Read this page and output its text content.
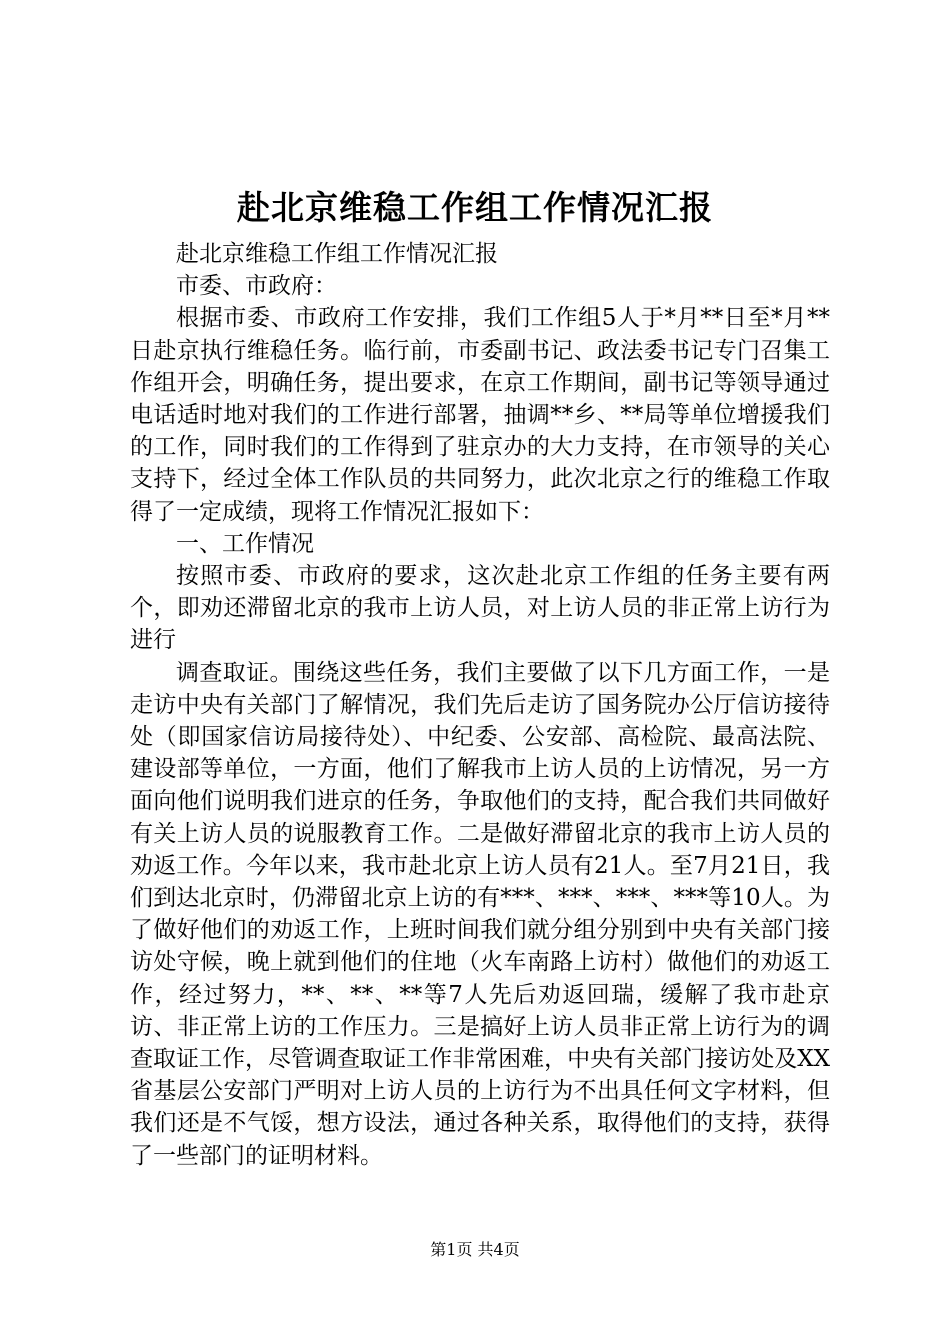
赴北京维稳工作组工作情况汇报

赴北京维稳工作组工作情况汇报

市委、市政府：

根据市委、市政府工作安排，我们工作组5人于*月**日至*月**日赴京执行维稳任务。临行前，市委副书记、政法委书记专门召集工作组开会，明确任务，提出要求，在京工作期间，副书记等领导通过电话适时地对我们的工作进行部署，抽调**乡、**局等单位增援我们的工作，同时我们的工作得到了驻京办的大力支持，在市领导的关心支持下，经过全体工作队员的共同努力，此次北京之行的维稳工作取得了一定成绩，现将工作情况汇报如下：

一、工作情况

按照市委、市政府的要求，这次赴北京工作组的任务主要有两个，即劝还滞留北京的我市上访人员，对上访人员的非正常上访行为进行

调查取证。围绕这些任务，我们主要做了以下几方面工作，一是走访中央有关部门了解情况，我们先后走访了国务院办公厅信访接待处（即国家信访局接待处）、中纪委、公安部、高检院、最高法院、建设部等单位，一方面，他们了解我市上访人员的上访情况，另一方面向他们说明我们进京的任务，争取他们的支持，配合我们共同做好有关上访人员的说服教育工作。二是做好滞留北京的我市上访人员的劝返工作。今年以来，我市赴北京上访人员有21人。至7月21日，我们到达北京时，仍滞留北京上访的有***、***、***、***等10人。为了做好他们的劝返工作，上班时间我们就分组分别到中央有关部门接访处守候，晚上就到他们的住地（火车南路上访村）做他们的劝返工作，经过努力，**、**、**等7人先后劝返回瑞，缓解了我市赴京访、非正常上访的工作压力。三是搞好上访人员非正常上访行为的调查取证工作，尽管调查取证工作非常困难，中央有关部门接访处及XX省基层公安部门严明对上访人员的上访行为不出具任何文字材料，但我们还是不气馁，想方设法，通过各种关系，取得他们的支持，获得了一些部门的证明材料。

第1页 共4页
